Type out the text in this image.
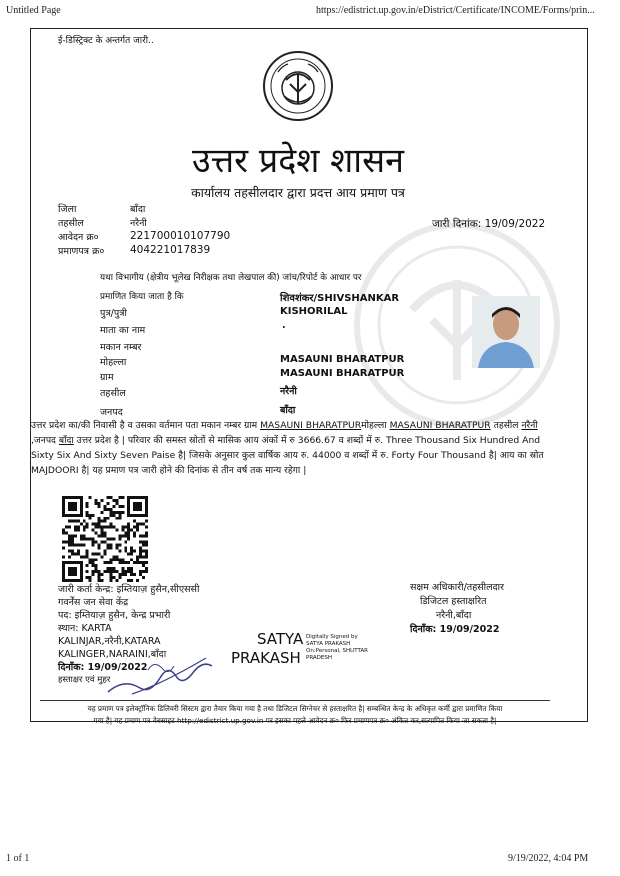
Untitled Page	https://edistrict.up.gov.in/eDistrict/Certificate/INCOME/Forms/prin...
ई-डिस्ट्रिक्ट के अन्तर्गत जारी..
उत्तर प्रदेश शासन
कार्यालय तहसीलदार द्वारा प्रदत्त आय प्रमाण पत्र
जिला	बाँदा
तहसील	नरैनी
आवेदन क्र०	221700010107790
प्रमाणपत्र क्र० 404221017839
जारी दिनांक: 19/09/2022
यथा विभागीय (क्षेत्रीय भूलेख निरीक्षक तथा लेखपाल की) जांच/रिपोर्ट के आधार पर
प्रमाणित किया जाता है कि	शिवशंकर/SHIVSHANKAR
पुत्र/पुत्री	KISHORILAL
माता का नाम	.
मकान नम्बर
मोहल्ला	MASAUNI BHARATPUR
ग्राम	MASAUNI BHARATPUR
तहसील	नरैनी
जनपद	बाँदा
उत्तर प्रदेश का/की निवासी है व उसका वर्तमान पता मकान नम्बर ग्राम MASAUNI BHARATPURमोहल्ला MASAUNI BHARATPUR तहसील नरैनी ,जनपद बाँदा उत्तर प्रदेश है | परिवार की समस्त स्रोतों से मासिक आय अंकों में रु 3666.67 व शब्दों में रु. Three Thousand Six Hundred And Sixty Six And Sixty Seven Paise है| जिसके अनुसार कुल वार्षिक आय रु. 44000 व शब्दों में रु. Forty Four Thousand है| आय का स्रोत MAJDOORI है| यह प्रमाण पत्र जारी होने की दिनांक से तीन वर्ष तक मान्य रहेगा |
जारी कर्ता केन्द्र: इम्तियाज़ हुसैन,सीएससी
गवर्नेंस जन सेवा केंद्र
पद: इम्तियाज़ हुसैन, केन्द्र प्रभारी
स्थान: KARTA
KALINJAR,नरैनी,KATARA
KALINGER,NARAINI,बाँदा
दिनाँक: 19/09/2022
हस्ताक्षर एवं मुहर
SATYA
PRAKASH
Digitally Signed by
SATYA PRAKASH
On:Personal, SHUTTAR
PRADESH
सक्षम अधिकारी/तहसीलदार
डिजिटल हस्ताक्षरित
नरैनी,बाँदा
दिनाँक: 19/09/2022
यह प्रमाण पत्र इलेक्ट्रॉनिक डिलिवरी सिस्टम द्वारा तैयार किया गया है तथा डिजिटल सिग्नेचर से हस्ताक्षरित है| सम्बन्धित केन्द्र के अधिकृत कर्मी द्वारा प्रमाणित किया
गया है| यह प्रमाण पत्र वेबसाइट http://edistrict.up.gov.in पर इसका पहले आवेदन क्र० फिर प्रमाणपत्र क्र० अंकित कर,सत्यापित किया जा सकता है|
1 of 1	9/19/2022, 4:04 PM
